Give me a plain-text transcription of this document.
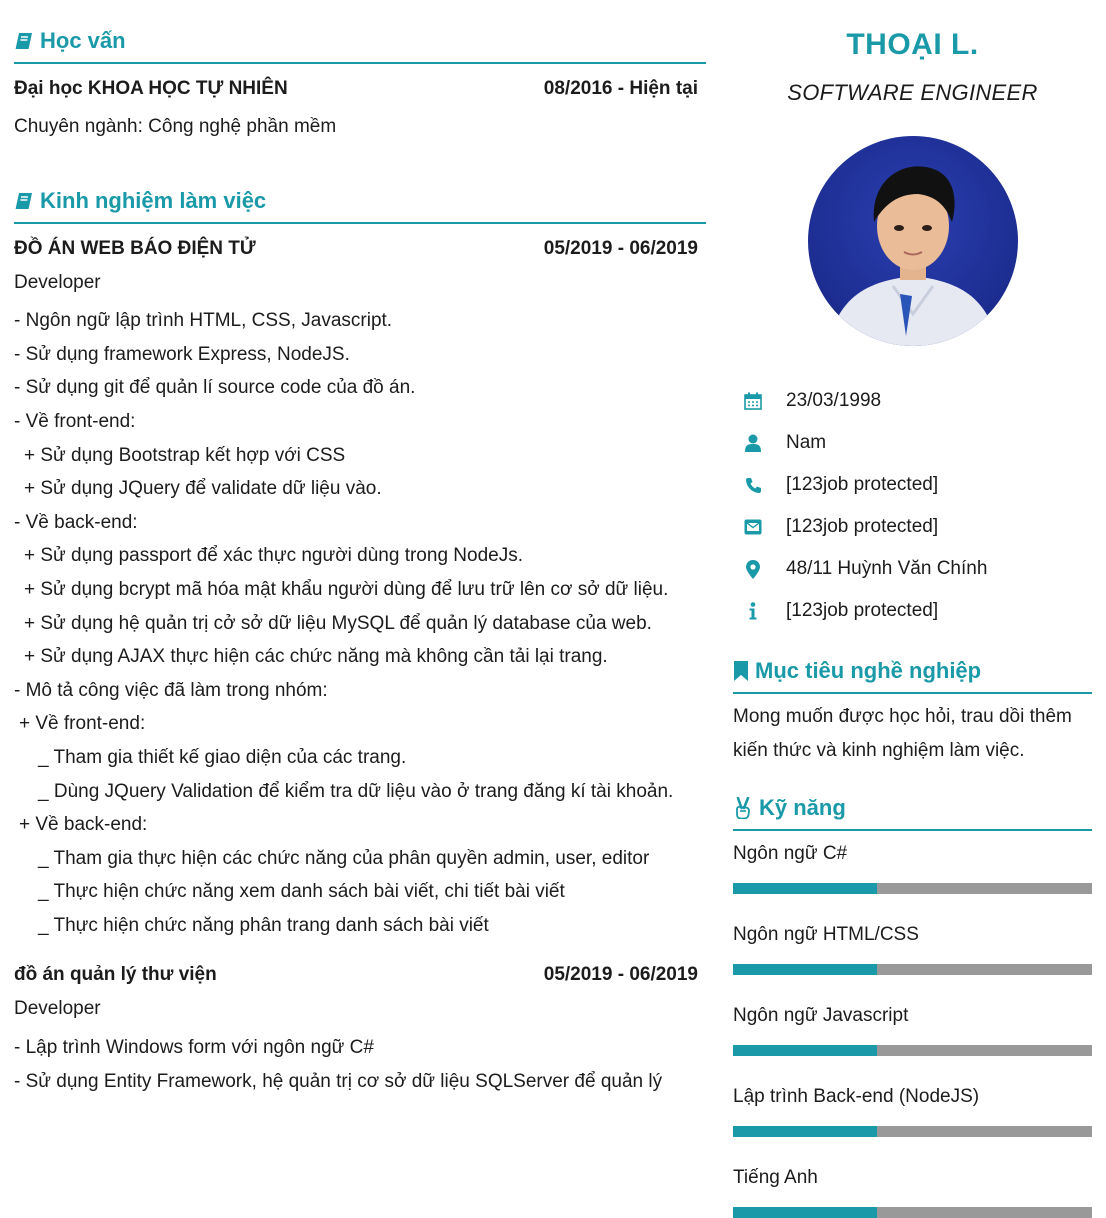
Học vấn
Đại học KHOA HỌC TỰ NHIÊN	08/2016 - Hiện tại
Chuyên ngành: Công nghệ phần mềm
Kinh nghiệm làm việc
ĐỒ ÁN WEB BÁO ĐIỆN TỬ	05/2019 - 06/2019
Developer
- Ngôn ngữ lập trình HTML, CSS, Javascript.
- Sử dụng framework Express, NodeJS.
- Sử dụng git để quản lí source code của đồ án.
- Về front-end:
+ Sử dụng Bootstrap kết hợp với CSS
+ Sử dụng JQuery để validate dữ liệu vào.
- Về back-end:
+ Sử dụng passport để xác thực người dùng trong NodeJs.
+ Sử dụng bcrypt mã hóa mật khẩu người dùng để lưu trữ lên cơ sở dữ liệu.
+ Sử dụng hệ quản trị cở sở dữ liệu MySQL để quản lý database của web.
+ Sử dụng AJAX thực hiện các chức năng mà không cần tải lại trang.
- Mô tả công việc đã làm trong nhóm:
+ Về front-end:
_ Tham gia thiết kế giao diện của các trang.
_ Dùng JQuery Validation để kiểm tra dữ liệu vào ở trang đăng kí tài khoản.
+ Về back-end:
_ Tham gia thực hiện các chức năng của phân quyền admin, user, editor
_ Thực hiện chức năng xem danh sách bài viết, chi tiết bài viết
_ Thực hiện chức năng phân trang danh sách bài viết
đồ án quản lý thư viện	05/2019 - 06/2019
Developer
- Lập trình Windows form với ngôn ngữ C#
- Sử dụng Entity Framework, hệ quản trị cơ sở dữ liệu SQLServer để quản lý
THOẠI L.
SOFTWARE ENGINEER
23/03/1998
Nam
[123job protected]
[123job protected]
48/11 Huỳnh Văn Chính
[123job protected]
Mục tiêu nghề nghiệp
Mong muốn được học hỏi, trau dồi thêm kiến thức và kinh nghiệm làm việc.
Kỹ năng
Ngôn ngữ C#
Ngôn ngữ HTML/CSS
Ngôn ngữ Javascript
Lập trình Back-end (NodeJS)
Tiếng Anh
